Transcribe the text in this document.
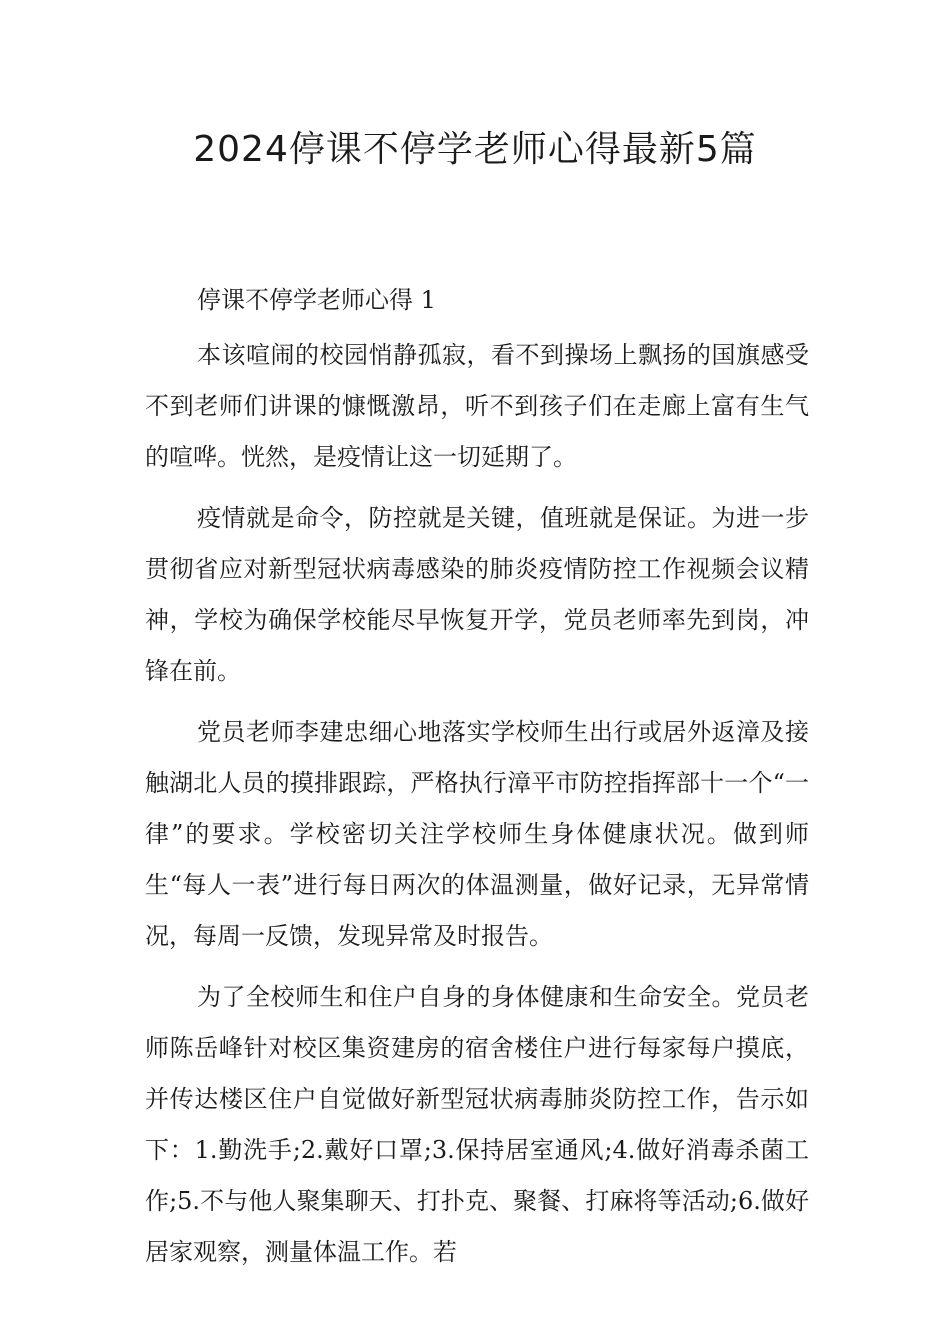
2024停课不停学老师心得最新5篇
停课不停学老师心得 1

本该喧闹的校园悄静孤寂，看不到操场上飘扬的国旗感受不到老师们讲课的慷慨激昂，听不到孩子们在走廊上富有生气的喧哗。恍然，是疫情让这一切延期了。

疫情就是命令，防控就是关键，值班就是保证。为进一步贯彻省应对新型冠状病毒感染的肺炎疫情防控工作视频会议精神，学校为确保学校能尽早恢复开学，党员老师率先到岗，冲锋在前。

党员老师李建忠细心地落实学校师生出行或居外返漳及接触湖北人员的摸排跟踪，严格执行漳平市防控指挥部十一个“一律”的要求。学校密切关注学校师生身体健康状况。做到师生“每人一表”进行每日两次的体温测量，做好记录，无异常情况，每周一反馈，发现异常及时报告。

为了全校师生和住户自身的身体健康和生命安全。党员老师陈岳峰针对校区集资建房的宿舍楼住户进行每家每户摸底，并传达楼区住户自觉做好新型冠状病毒肺炎防控工作，告示如下：1.勤洗手;2.戴好口罩;3.保持居室通风;4.做好消毒杀菌工作;5.不与他人聚集聊天、打扑克、聚餐、打麻将等活动;6.做好居家观察，测量体温工作。若
